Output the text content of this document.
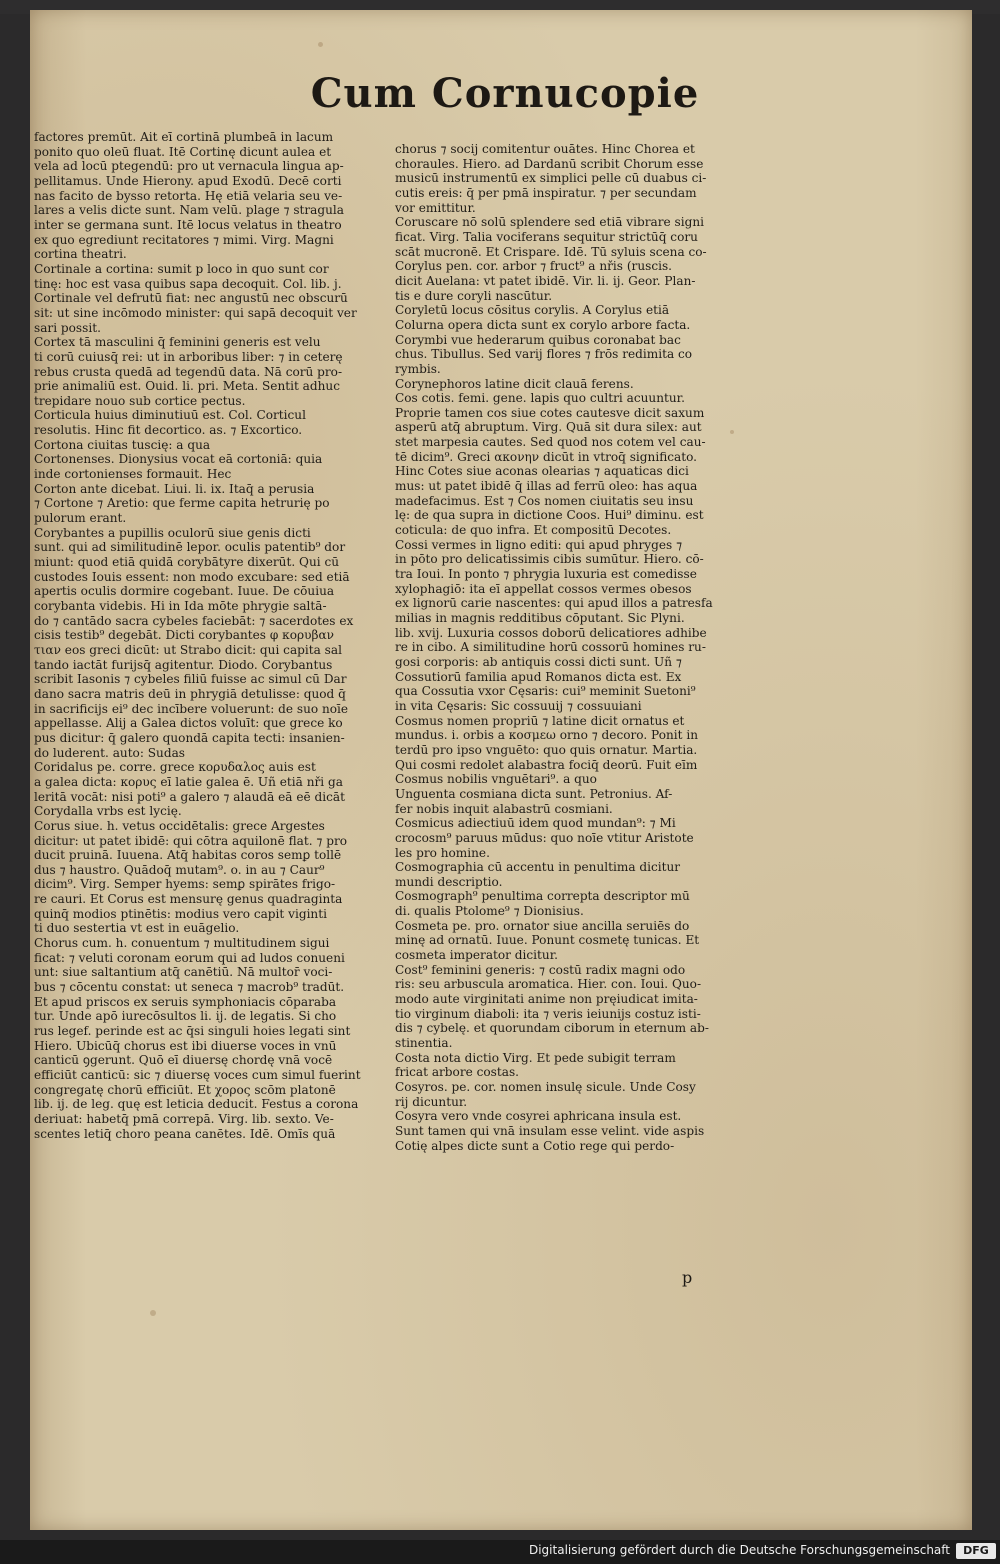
Cum Cornucopie
factores premūt. Ait eī cortinā plumbeā in lacum
ponito quo oleū fluat. Itē Cortinę dicunt aulea et
vela ad locū ptegendū: pro ut vernacula lingua ap-
pellitamus. Unde Hierony. apud Exodū. Decē corti
nas facito de bysso retorta. Hę etiā velaria seu ve-
lares a velis dicte sunt. Nam velū. plage ⁊ stragula
inter se germana sunt. Itē locus velatus in theatro
ex quo egrediunt recitatores ⁊ mimi. Virg. Magni
cortina theatri.
Cortinale a cortina: sumit p loco in quo sunt cor
tinę: hoc est vasa quibus sapa decoquit. Col. lib. j.
Cortinale vel defrutū fiat: nec angustū nec obscurū
sit: ut sine incōmodo minister: qui sapā decoquit ver
sari possit.
Cortex tā masculini q̄ feminini generis est velu
ti corū cuiusq̄ rei: ut in arboribus liber: ⁊ in ceterę
rebus crusta quedā ad tegendū data. Nā corū pro-
prie animaliū est. Ouid. li. pri. Meta. Sentit adhuc
trepidare nouo sub cortice pectus.
Corticula huius diminutiuū est. Col. Corticul
resolutis. Hinc fit decortico. as. ⁊ Excortico.
Cortona ciuitas tuscię: a qua
Cortonenses. Dionysius vocat eā cortoniā: quia
inde cortonienses formauit. Hec
Corton ante dicebat. Liui. li. ix. Itaq̄ a perusia
⁊ Cortone ⁊ Aretio: que ferme capita hetrurię po
pulorum erant.
Corybantes a pupillis oculorū siue genis dicti
sunt. qui ad similitudinē lepor. oculis patentib⁹ dor
miunt: quod etiā quidā corybātyre dixerūt. Qui cū
custodes Iouis essent: non modo excubare: sed etiā
apertis oculis dormire cogebant. Iuue. De cōuiua
corybanta videbis. Hi in Ida mōte phrygie saltā-
do ⁊ cantādo sacra cybeles faciebāt: ⁊ sacerdotes ex
cisis testib⁹ degebāt. Dicti corybantes φ κορυβαν
τιαν eos greci dicūt: ut Strabo dicit: qui capita sal
tando iactāt furijsq̄ agitentur. Diodo. Corybantus
scribit Iasonis ⁊ cybeles filiū fuisse ac simul cū Dar
dano sacra matris deū in phrygiā detulisse: quod q̄
in sacrificijs ei⁹ dec incībere voluerunt: de suo noīe
appellasse. Alij a Galea dictos voluīt: que grece ko
pus dicitur: q̄ galero quondā capita tecti: insanien-
do luderent. auto: Sudas
Coridalus pe. corre. grece κορυδαλος auis est
a galea dicta: κορυς eī latie galea ē. Uñ etiā nři ga
leritā vocāt: nisi poti⁹ a galero ⁊ alaudā eā eē dicāt
Corydalla vrbs est lycię.
Corus siue. h. vetus occidētalis: grece Argestes
dicitur: ut patet ibidē: qui cōtra aquilonē flat. ⁊ pro
ducit pruinā. Iuuena. Atq̄ habitas coros semꝑ tollē
dus ⁊ haustro. Quādoq̄ mutam⁹. o. in au ⁊ Caur⁹
dicim⁹. Virg. Semper hyems: semꝑ spirātes frigo-
re cauri. Et Corus est mensurę genus quadraginta
quinq̄ modios ptinētis: modius vero capit viginti
ti duo sestertia vt est in euāgelio.
Chorus cum. h. conuentum ⁊ multitudinem sigui
ficat: ⁊ veluti coronam eorum qui ad ludos conueni
unt: siue saltantium atq̄ canētiū. Nā multor̄ voci-
bus ⁊ cōcentu constat: ut seneca ⁊ macrob⁹ tradūt.
Et apud priscos ex seruis symphoniacis cōparaba
tur. Unde apō iurecōsultos li. ij. de legatis. Si cho
rus legef. perinde est ac q̄si singuli hoies legati sint
Hiero. Ubicūq̄ chorus est ibi diuerse voces in vnū
canticū ꝯgerunt. Quō eī diuersę chordę vnā vocē
efficiūt canticū: sic ⁊ diuersę voces cum simul fuerint
congregatę chorū efficiūt. Et χορος scōm platonē
lib. ij. de leg. quę est leticia deducit. Festus a corona
deriuat: habetq̄ pmā correpā. Virg. lib. sexto. Ve-
scentes letiq̄ choro peana canētes. Idē. Omīs quā
chorus ⁊ socij comitentur ouātes. Hinc Chorea et
choraules. Hiero. ad Dardanū scribit Chorum esse
musicū instrumentū ex simplici pelle cū duabus ci-
cutis ereis: q̄ per pmā inspiratur. ⁊ per secundam
vor emittitur.
Coruscare nō solū splendere sed etiā vibrare signi
ficat. Virg. Talia vociferans sequitur strictūq̄ coru
scāt mucronē. Et Crispare. Idē. Tū syluis scena co-
Corylus pen. cor. arbor ⁊ fruct⁹ a nřis (ruscis.
dicit Auelana: vt patet ibidē. Vir. li. ij. Geor. Plan-
tis e dure coryli nascūtur.
Coryletū locus cōsitus corylis. A Corylus etiā
Colurna opera dicta sunt ex corylo arbore facta.
Corymbi vue hederarum quibus coronabat bac
chus. Tibullus. Sed varij flores ⁊ frōs redimita co
rymbis.
Corynephoros latine dicit clauā ferens.
Cos cotis. femi. gene. lapis quo cultri acuuntur.
Proprie tamen cos siue cotes cautesve dicit saxum
asperū atq̄ abruptum. Virg. Quā sit dura silex: aut
stet marpesia cautes. Sed quod nos cotem vel cau-
tē dicim⁹. Greci ακονην dicūt in vtroq̄ significato.
Hinc Cotes siue aconas olearias ⁊ aquaticas dici
mus: ut patet ibidē q̄ illas ad ferrū oleo: has aqua
madefacimus. Est ⁊ Cos nomen ciuitatis seu insu
lę: de qua supra in dictione Coos. Hui⁹ diminu. est
coticula: de quo infra. Et compositū Decotes.
Cossi vermes in ligno editi: qui apud phryges ⁊
in pōto pro delicatissimis cibis sumūtur. Hiero. cō-
tra Ioui. In ponto ⁊ phrygia luxuria est comedisse
xylophagiō: ita eī appellat cossos vermes obesos
ex lignorū carie nascentes: qui apud illos a patresfa
milias in magnis redditibus cōputant. Sic Plyni.
lib. xvij. Luxuria cossos doborū delicatiores adhibe
re in cibo. A similitudine horū cossorū homines ru-
gosi corporis: ab antiquis cossi dicti sunt. Uñ ⁊
Cossutiorū familia apud Romanos dicta est. Ex
qua Cossutia vxor Cęsaris: cui⁹ meminit Suetoni⁹
in vita Cęsaris: Sic cossuuij ⁊ cossuuiani
Cosmus nomen propriū ⁊ latine dicit ornatus et
mundus. i. orbis a κοσμεω orno ⁊ decoro. Ponit in
terdū pro ipso vnguēto: quo quis ornatur. Martia.
Qui cosmi redolet alabastra fociq̄ deorū. Fuit eīm
Cosmus nobilis vnguētari⁹. a quo
Unguenta cosmiana dicta sunt. Petronius. Af-
fer nobis inquit alabastrū cosmiani.
Cosmicus adiectiuū idem quod mundan⁹: ⁊ Mi
crocosm⁹ paruus mūdus: quo noīe vtitur Aristote
les pro homine.
Cosmographia cū accentu in penultima dicitur
mundi descriptio.
Cosmograph⁹ penultima correpta descriptor mū
di. qualis Ptolome⁹ ⁊ Dionisius.
Cosmeta pe. pro. ornator siue ancilla seruiēs do
minę ad ornatū. Iuue. Ponunt cosmetę tunicas. Et
cosmeta imperator dicitur.
Cost⁹ feminini generis: ⁊ costū radix magni odo
ris: seu arbuscula aromatica. Hier. con. Ioui. Quo-
modo aute virginitati anime non pręiudicat imita-
tio virginum diaboli: ita ⁊ veris ieiunijs costuz isti-
dis ⁊ cybelę. et quorundam ciborum in eternum ab-
stinentia.
Costa nota dictio Virg. Et pede subigit terram
fricat arbore costas.
Cosyros. pe. cor. nomen insulę sicule. Unde Cosy
rij dicuntur.
Cosyra vero vnde cosyrei aphricana insula est.
Sunt tamen qui vnā insulam esse velint. vide aspis
Cotię alpes dicte sunt a Cotio rege qui perdo-
p
Digitalisierung gefördert durch die Deutsche Forschungsgemeinschaft	DFG
